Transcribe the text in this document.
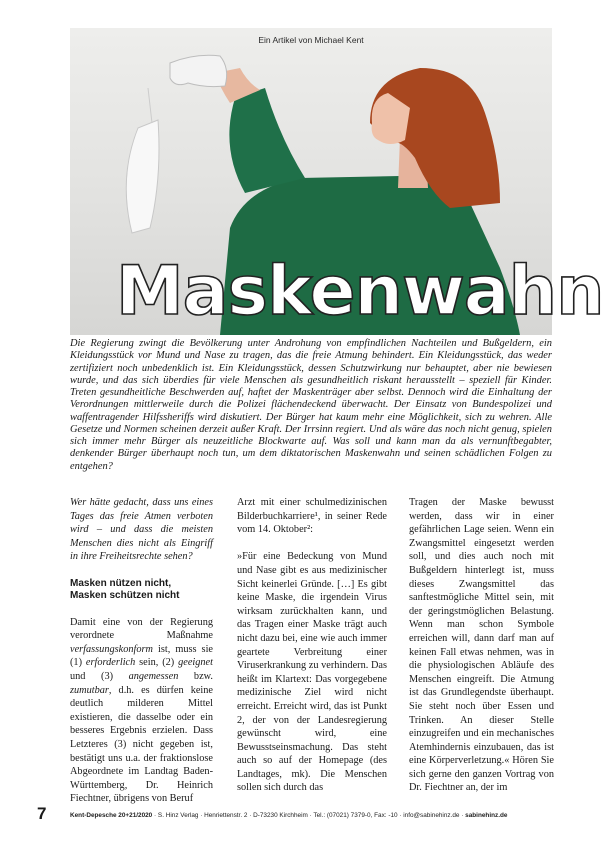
Ein Artikel von Michael Kent
Maskenwahn
Die Regierung zwingt die Bevölkerung unter Androhung von empfindlichen Nachteilen und Bußgeldern, ein Kleidungsstück vor Mund und Nase zu tragen, das die freie Atmung behindert. Ein Kleidungsstück, das weder zertifiziert noch unbedenklich ist. Ein Kleidungsstück, dessen Schutzwirkung nur behauptet, aber nie bewiesen wurde, und das sich überdies für viele Menschen als gesundheitlich riskant herausstellt – speziell für Kinder. Treten gesundheitliche Beschwerden auf, haftet der Maskenträger aber selbst. Dennoch wird die Einhaltung der Verordnungen mittlerweile durch die Polizei flächendeckend überwacht. Der Einsatz von Bundespolizei und waffentragender Hilfssheriffs wird diskutiert. Der Bürger hat kaum mehr eine Möglichkeit, sich zu wehren. Alle Gesetze und Normen scheinen derzeit außer Kraft. Der Irrsinn regiert. Und als wäre das noch nicht genug, spielen sich immer mehr Bürger als neuzeitliche Blockwarte auf. Was soll und kann man da als vernunftbegabter, denkender Bürger überhaupt noch tun, um dem diktatorischen Maskenwahn und seinen schädlichen Folgen zu entgehen?

Wer hätte gedacht, dass uns eines Tages das freie Atmen verboten wird – und dass die meisten Menschen dies nicht als Eingriff in ihre Freiheitsrechte sehen?

Masken nützen nicht,
Masken schützen nicht

Damit eine von der Regierung verordnete Maßnahme verfassungskonform ist, muss sie (1) erforderlich sein, (2) geeignet und (3) angemessen bzw. zumutbar, d.h. es dürfen keine deutlich milderen Mittel existieren, die dasselbe oder ein besseres Ergebnis erzielen. Dass Letzteres (3) nicht gegeben ist, bestätigt uns u.a. der fraktionslose Abgeordnete im Landtag Baden-Württemberg, Dr. Heinrich Fiechtner, übrigens von Beruf

Arzt mit einer schulmedizinischen Bilderbuchkarriere¹, in seiner Rede vom 14. Oktober²:

»Für eine Bedeckung von Mund und Nase gibt es aus medizinischer Sicht keinerlei Gründe. […] Es gibt keine Maske, die irgendein Virus wirksam zurückhalten kann, und das Tragen einer Maske trägt auch nicht dazu bei, eine wie auch immer geartete Verbreitung einer Viruserkrankung zu verhindern. Das heißt im Klartext: Das vorgegebene medizinische Ziel wird nicht erreicht. Erreicht wird, das ist Punkt 2, der von der Landesregierung gewünscht wird, eine Bewusstseinsmachung. Das steht auch so auf der Homepage (des Landtages, mk). Die Menschen sollen sich durch das

Tragen der Maske bewusst werden, dass wir in einer gefährlichen Lage seien. Wenn ein Zwangsmittel eingesetzt werden soll, und dies auch noch mit Bußgeldern hinterlegt ist, muss dieses Zwangsmittel das sanftestmögliche Mittel sein, mit der geringstmöglichen Belastung. Wenn man schon Symbole erreichen will, dann darf man auf keinen Fall etwas nehmen, was in die physiologischen Abläufe des Menschen eingreift. Die Atmung ist das Grundlegendste überhaupt. Sie steht noch über Essen und Trinken. An dieser Stelle einzugreifen und ein mechanisches Atemhindernis einzubauen, das ist eine Körperverletzung.« Hören Sie sich gerne den ganzen Vortrag von Dr. Fiechtner an, der im

7	Kent-Depesche 20+21/2020 · S. Hinz Verlag · Henriettenstr. 2 · D-73230 Kirchheim · Tel.: (07021) 7379-0, Fax: -10 · info@sabinehinz.de · sabinehinz.de
